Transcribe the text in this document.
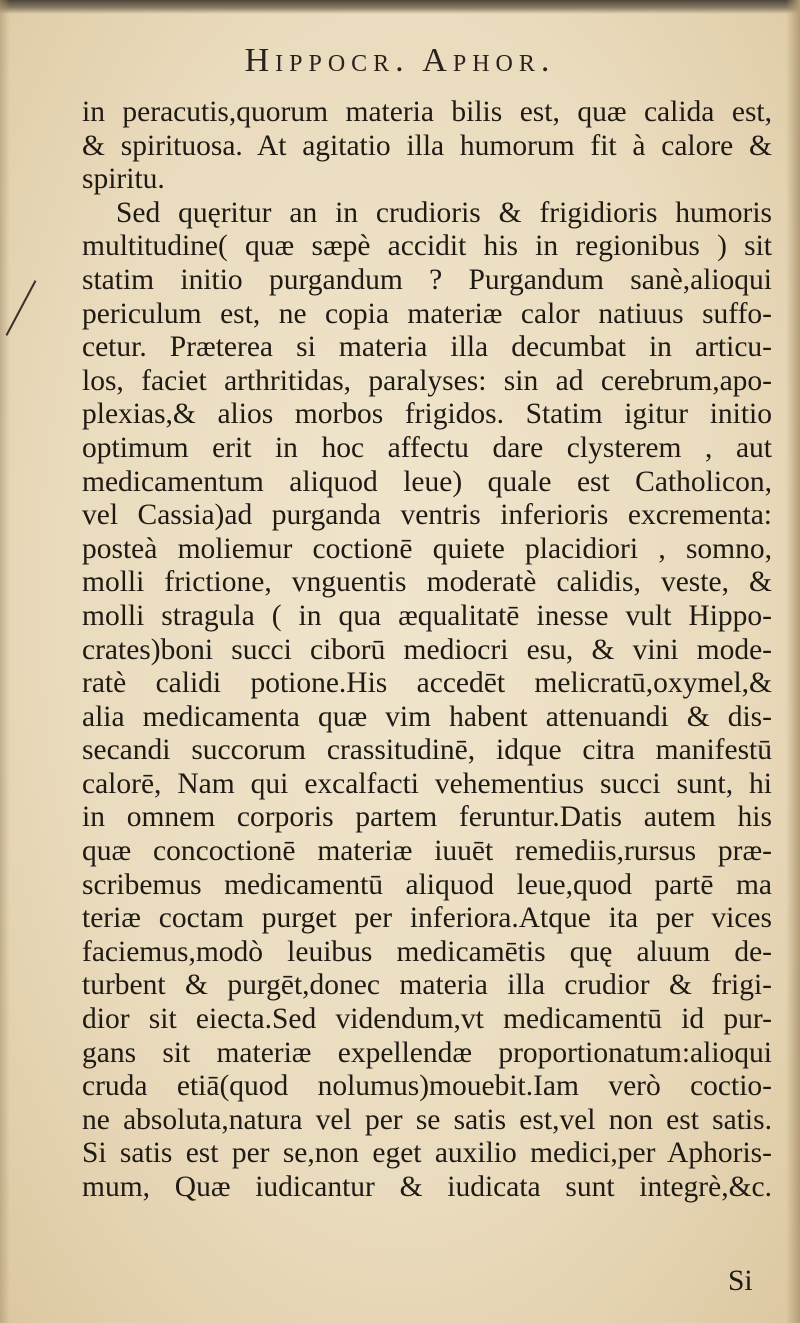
Hippocr. Aphor.
in peracutis,quorum materia bilis est, quæ calida est,
& spirituosa. At agitatio illa humorum fit à calore &
spiritu.
Sed quęritur an in crudioris & frigidioris humoris
multitudine( quæ sæpè accidit his in regionibus ) sit
statim initio purgandum ? Purgandum sanè,alioqui
periculum est, ne copia materiæ calor natiuus suffo-
cetur. Præterea si materia illa decumbat in articu-
los, faciet arthritidas, paralyses: sin ad cerebrum,apo-
plexias,& alios morbos frigidos. Statim igitur initio
optimum erit in hoc affectu dare clysterem , aut
medicamentum aliquod leue) quale est Catholicon,
vel Cassia)ad purganda ventris inferioris excrementa:
posteà moliemur coctionē quiete placidiori , somno,
molli frictione, vnguentis moderatè calidis, veste, &
molli stragula ( in qua æqualitatē inesse vult Hippo-
crates)boni succi ciborū mediocri esu, & vini mode-
ratè calidi potione.His accedēt melicratū,oxymel,&
alia medicamenta quæ vim habent attenuandi & dis-
secandi succorum crassitudinē, idque citra manifestū
calorē, Nam qui excalfacti vehementius succi sunt, hi
in omnem corporis partem feruntur.Datis autem his
quæ concoctionē materiæ iuuēt remediis,rursus præ-
scribemus medicamentū aliquod leue,quod partē ma
teriæ coctam purget per inferiora.Atque ita per vices
faciemus,modò leuibus medicamētis quę aluum de-
turbent & purgēt,donec materia illa crudior & frigi-
dior sit eiecta.Sed videndum,vt medicamentū id pur-
gans sit materiæ expellendæ proportionatum:alioqui
cruda etiā(quod nolumus)mouebit.Iam verò coctio-
ne absoluta,natura vel per se satis est,vel non est satis.
Si satis est per se,non eget auxilio medici,per Aphoris-
mum, Quæ iudicantur & iudicata sunt integrè,&c.
Si
